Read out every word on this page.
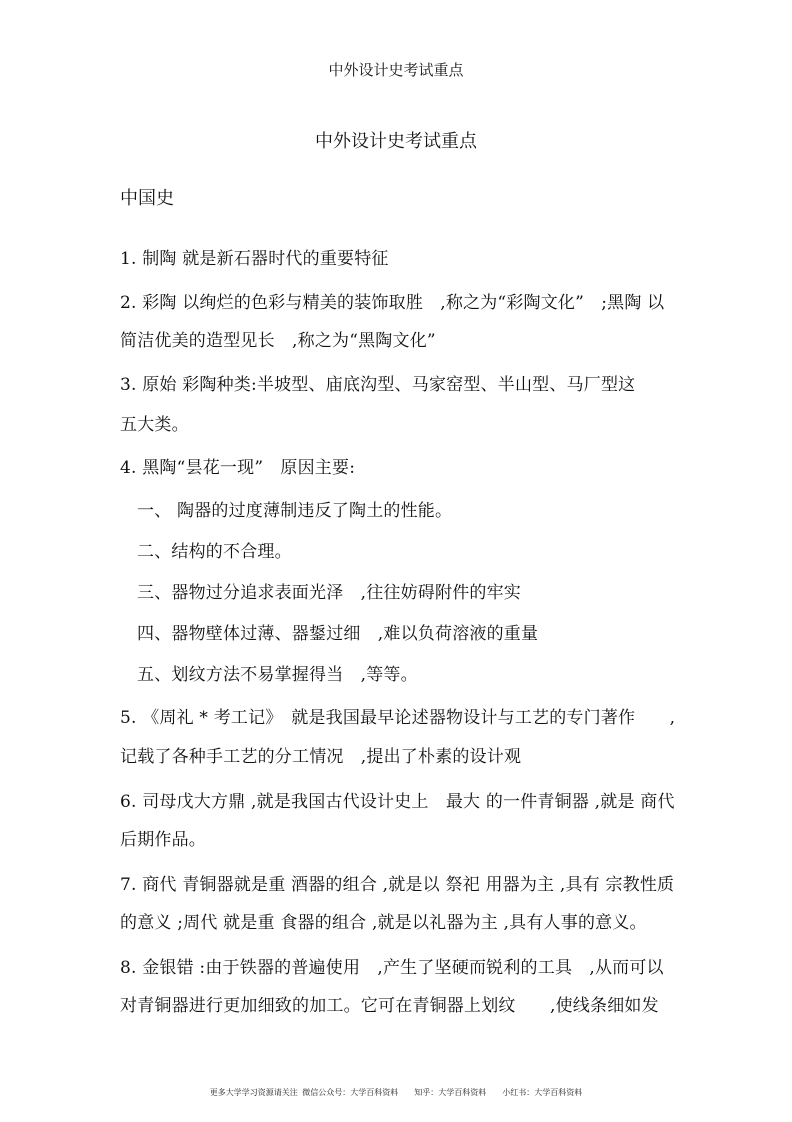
中外设计史考试重点
中外设计史考试重点
中国史
1. 制陶 就是新石器时代的重要特征
2. 彩陶 以绚烂的色彩与精美的装饰取胜　,称之为“彩陶文化”　;黑陶 以
简洁优美的造型见长　,称之为“黑陶文化”
3. 原始 彩陶种类:半坡型、庙底沟型、马家窑型、半山型、马厂型这
五大类。
4. 黑陶“昙花一现”　原因主要:
一、 陶器的过度薄制违反了陶土的性能。
二、结构的不合理。
三、器物过分追求表面光泽　,往往妨碍附件的牢实
四、器物壁体过薄、器鋬过细　,难以负荷溶液的重量
五、划纹方法不易掌握得当　,等等。
5. 《周礼 * 考工记》　就是我国最早论述器物设计与工艺的专门著作　　,
记载了各种手工艺的分工情况　,提出了朴素的设计观
6. 司母戊大方鼎 ,就是我国古代设计史上　最大 的一件青铜器 ,就是 商代
后期作品。
7. 商代 青铜器就是重 酒器的组合 ,就是以 祭祀 用器为主 ,具有 宗教性质
的意义 ;周代 就是重 食器的组合 ,就是以礼器为主 ,具有人事的意义。
8. 金银错 :由于铁器的普遍使用　,产生了坚硬而锐利的工具　,从而可以
对青铜器进行更加细致的加工。它可在青铜器上划纹　　,使线条细如发
更多大学学习资源请关注 微信公众号：大学百科资料　　知乎：大学百科资料　　小红书：大学百科资料
